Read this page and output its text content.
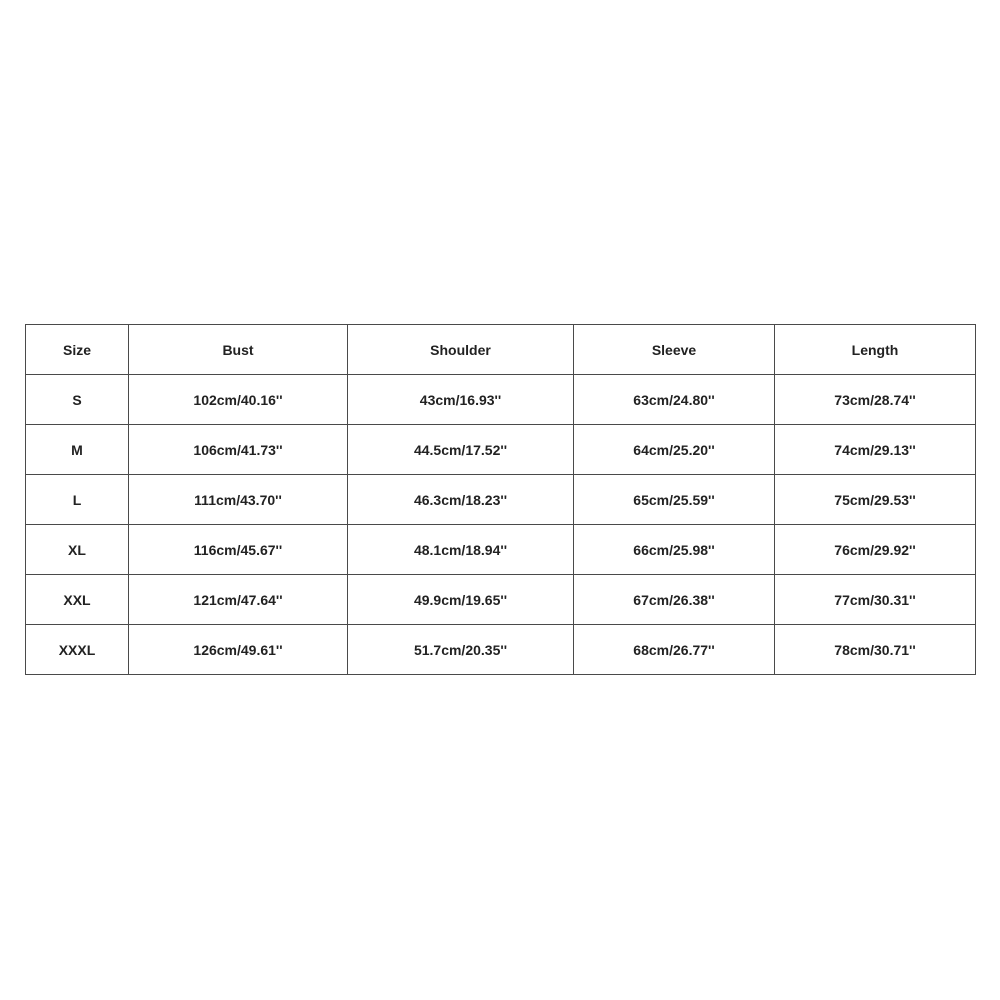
Size	Bust	Shoulder	Sleeve	Length
S	102cm/40.16''	43cm/16.93''	63cm/24.80''	73cm/28.74''
M	106cm/41.73''	44.5cm/17.52''	64cm/25.20''	74cm/29.13''
L	111cm/43.70''	46.3cm/18.23''	65cm/25.59''	75cm/29.53''
XL	116cm/45.67''	48.1cm/18.94''	66cm/25.98''	76cm/29.92''
XXL	121cm/47.64''	49.9cm/19.65''	67cm/26.38''	77cm/30.31''
XXXL	126cm/49.61''	51.7cm/20.35''	68cm/26.77''	78cm/30.71''
